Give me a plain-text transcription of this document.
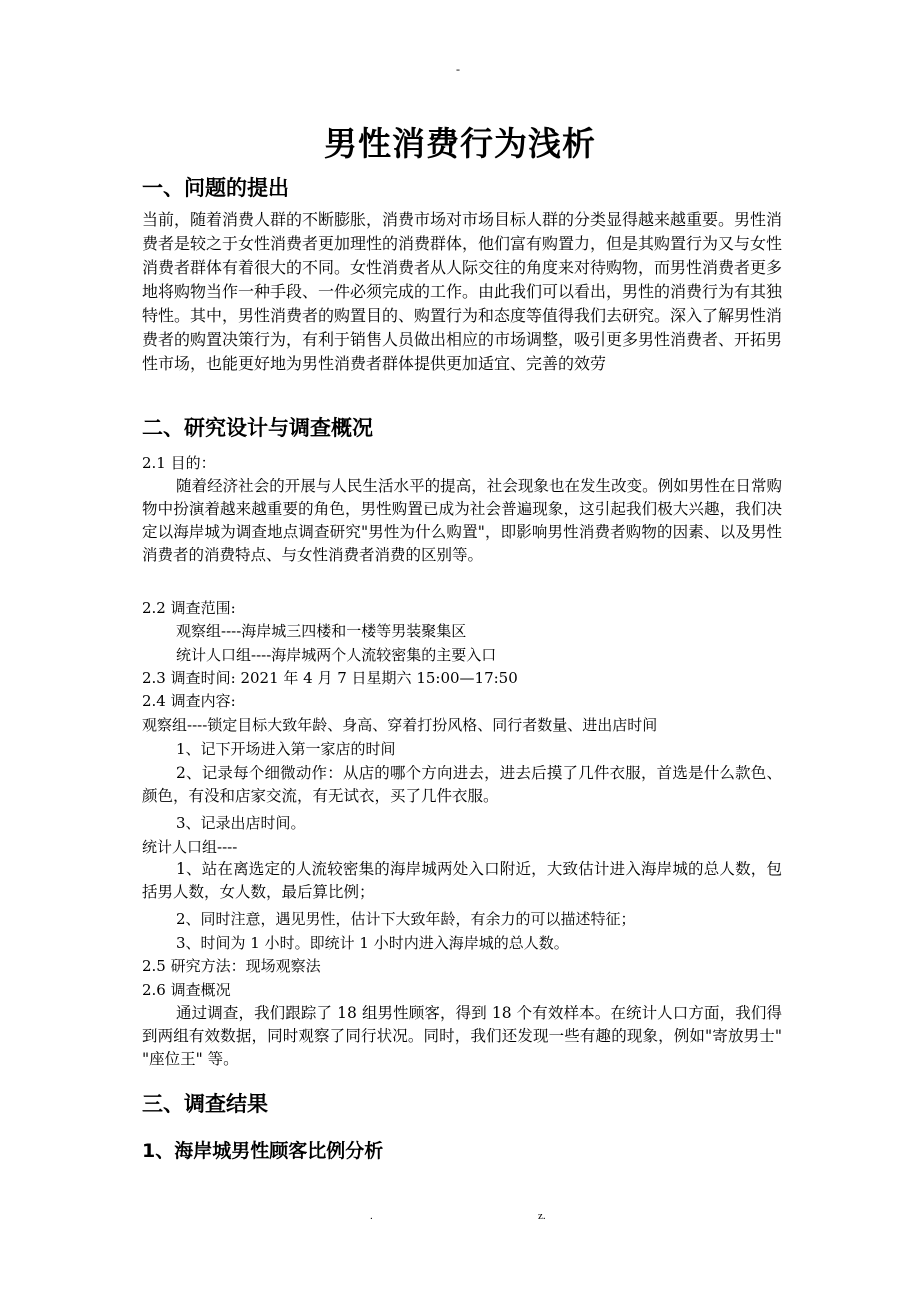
-
男性消费行为浅析
一、问题的提出
当前，随着消费人群的不断膨胀，消费市场对市场目标人群的分类显得越来越重要。男性消费者是较之于女性消费者更加理性的消费群体，他们富有购置力，但是其购置行为又与女性消费者群体有着很大的不同。女性消费者从人际交往的角度来对待购物，而男性消费者更多地将购物当作一种手段、一件必须完成的工作。由此我们可以看出，男性的消费行为有其独特性。其中，男性消费者的购置目的、购置行为和态度等值得我们去研究。深入了解男性消费者的购置决策行为，有利于销售人员做出相应的市场调整，吸引更多男性消费者、开拓男性市场，也能更好地为男性消费者群体提供更加适宜、完善的效劳
二、研究设计与调查概况
2.1 目的：
随着经济社会的开展与人民生活水平的提高，社会现象也在发生改变。例如男性在日常购物中扮演着越来越重要的角色，男性购置已成为社会普遍现象，这引起我们极大兴趣，我们决定以海岸城为调查地点调查研究"男性为什么购置"，即影响男性消费者购物的因素、以及男性消费者的消费特点、与女性消费者消费的区别等。
2.2 调查范围:
观察组----海岸城三四楼和一楼等男装聚集区
统计人口组----海岸城两个人流较密集的主要入口
2.3 调查时间: 2021 年 4 月 7 日星期六 15:00—17:50
2.4 调查内容:
观察组----锁定目标大致年龄、身高、穿着打扮风格、同行者数量、进出店时间
1、记下开场进入第一家店的时间
2、记录每个细微动作：从店的哪个方向进去，进去后摸了几件衣服，首选是什么款色、颜色，有没和店家交流，有无试衣，买了几件衣服。
3、记录出店时间。
统计人口组----
1、站在离选定的人流较密集的海岸城两处入口附近，大致估计进入海岸城的总人数，包括男人数，女人数，最后算比例；
2、同时注意，遇见男性，估计下大致年龄，有余力的可以描述特征；
3、时间为 1 小时。即统计 1 小时内进入海岸城的总人数。
2.5 研究方法：现场观察法
2.6 调查概况
通过调查，我们跟踪了 18 组男性顾客，得到 18 个有效样本。在统计人口方面，我们得到两组有效数据，同时观察了同行状况。同时，我们还发现一些有趣的现象，例如"寄放男士" "座位王" 等。
三、调查结果
1、海岸城男性顾客比例分析
.	z.
